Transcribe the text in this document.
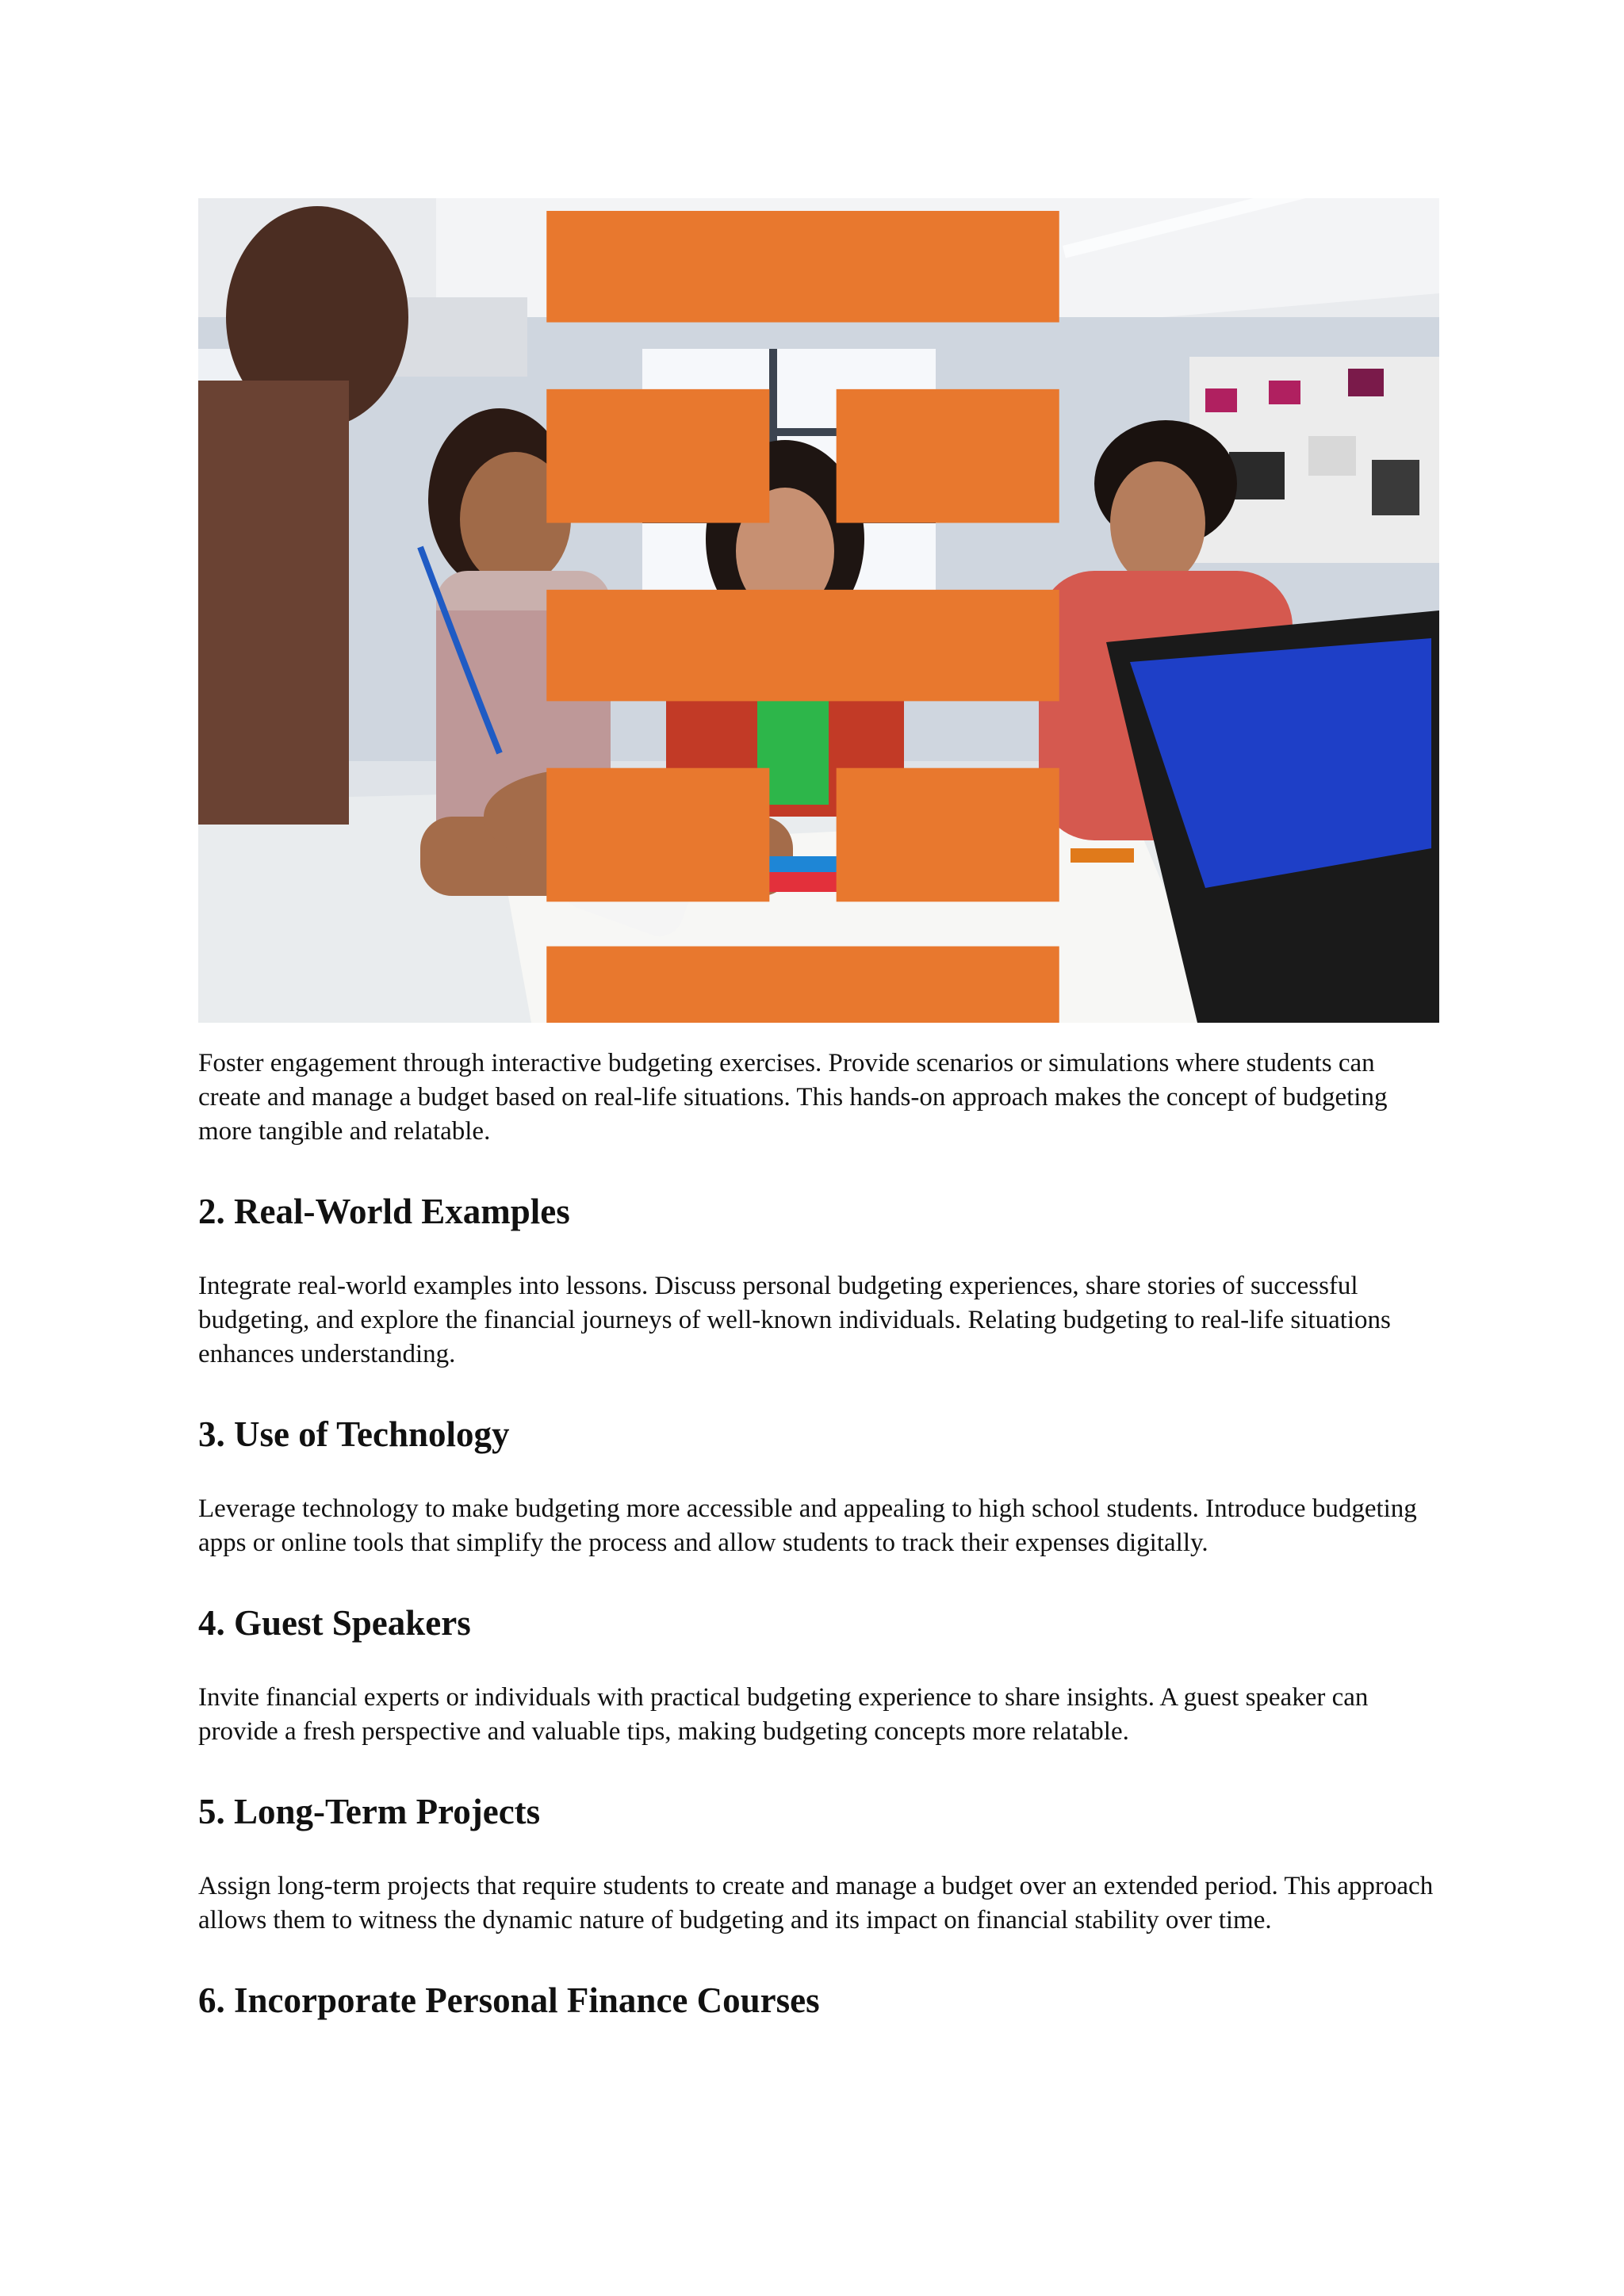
Foster engagement through interactive budgeting exercises. Provide scenarios or simulations where students can create and manage a budget based on real-life situations. This hands-on approach makes the concept of budgeting more tangible and relatable.

2. Real-World Examples

Integrate real-world examples into lessons. Discuss personal budgeting experiences, share stories of successful budgeting, and explore the financial journeys of well-known individuals. Relating budgeting to real-life situations enhances understanding.

3. Use of Technology

Leverage technology to make budgeting more accessible and appealing to high school students. Introduce budgeting apps or online tools that simplify the process and allow students to track their expenses digitally.

4. Guest Speakers

Invite financial experts or individuals with practical budgeting experience to share insights. A guest speaker can provide a fresh perspective and valuable tips, making budgeting concepts more relatable.

5. Long-Term Projects

Assign long-term projects that require students to create and manage a budget over an extended period. This approach allows them to witness the dynamic nature of budgeting and its impact on financial stability over time.

6. Incorporate Personal Finance Courses
